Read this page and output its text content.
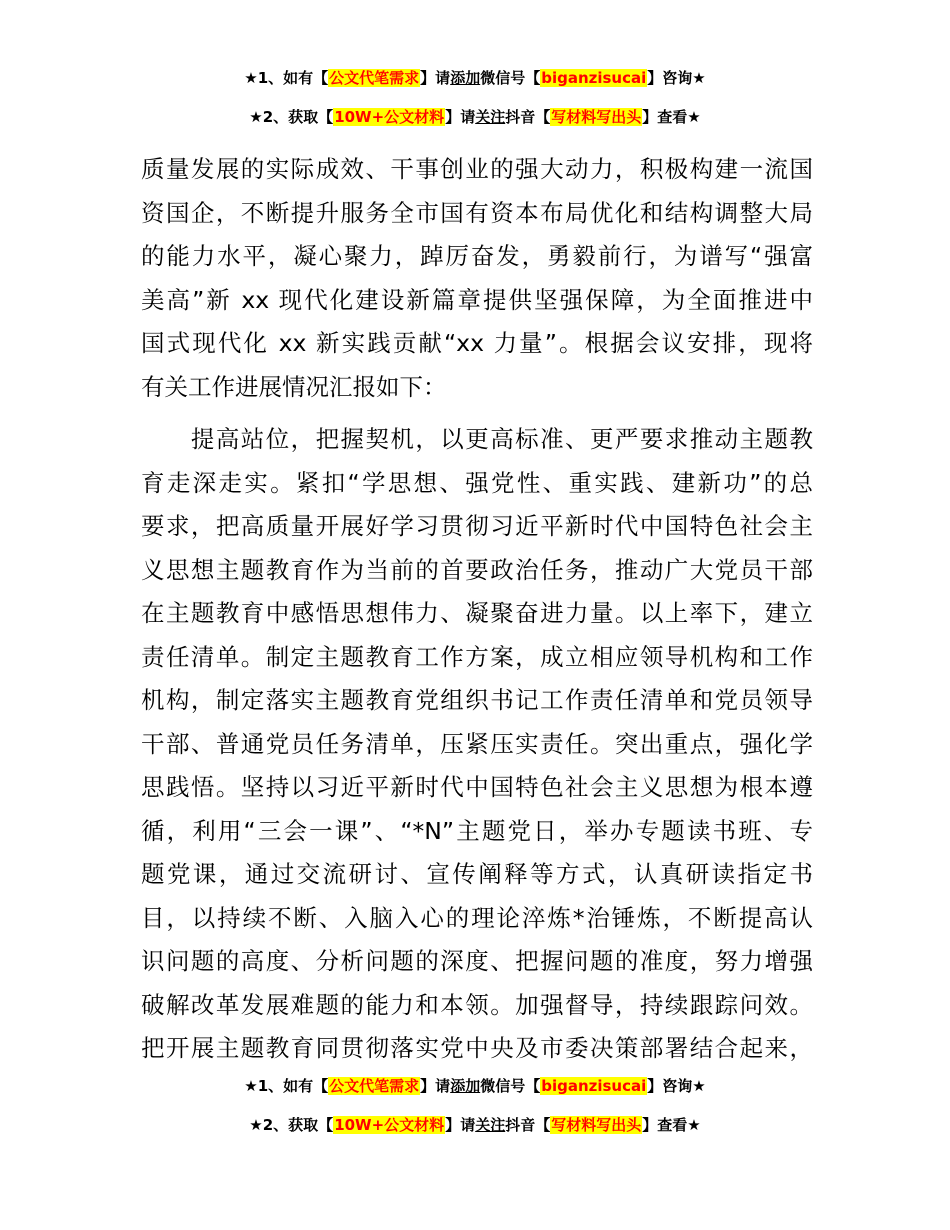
★1、如有【公文代笔需求】请添加微信号【biganzisucai】咨询★
★2、获取【10W+公文材料】请关注抖音【写材料写出头】查看★
质量发展的实际成效、干事创业的强大动力，积极构建一流国
资国企，不断提升服务全市国有资本布局优化和结构调整大局
的能力水平，凝心聚力，踔厉奋发，勇毅前行，为谱写“强富
美高”新 xx 现代化建设新篇章提供坚强保障，为全面推进中
国式现代化 xx 新实践贡献“xx 力量”。根据会议安排，现将
有关工作进展情况汇报如下：
　　提高站位，把握契机，以更高标准、更严要求推动主题教
育走深走实。紧扣“学思想、强党性、重实践、建新功”的总
要求，把高质量开展好学习贯彻习近平新时代中国特色社会主
义思想主题教育作为当前的首要政治任务，推动广大党员干部
在主题教育中感悟思想伟力、凝聚奋进力量。以上率下，建立
责任清单。制定主题教育工作方案，成立相应领导机构和工作
机构，制定落实主题教育党组织书记工作责任清单和党员领导
干部、普通党员任务清单，压紧压实责任。突出重点，强化学
思践悟。坚持以习近平新时代中国特色社会主义思想为根本遵
循，利用“三会一课”、“*N”主题党日，举办专题读书班、专
题党课，通过交流研讨、宣传阐释等方式，认真研读指定书
目，以持续不断、入脑入心的理论淬炼*治锤炼，不断提高认
识问题的高度、分析问题的深度、把握问题的准度，努力增强
破解改革发展难题的能力和本领。加强督导，持续跟踪问效。
把开展主题教育同贯彻落实党中央及市委决策部署结合起来，
★1、如有【公文代笔需求】请添加微信号【biganzisucai】咨询★
★2、获取【10W+公文材料】请关注抖音【写材料写出头】查看★
